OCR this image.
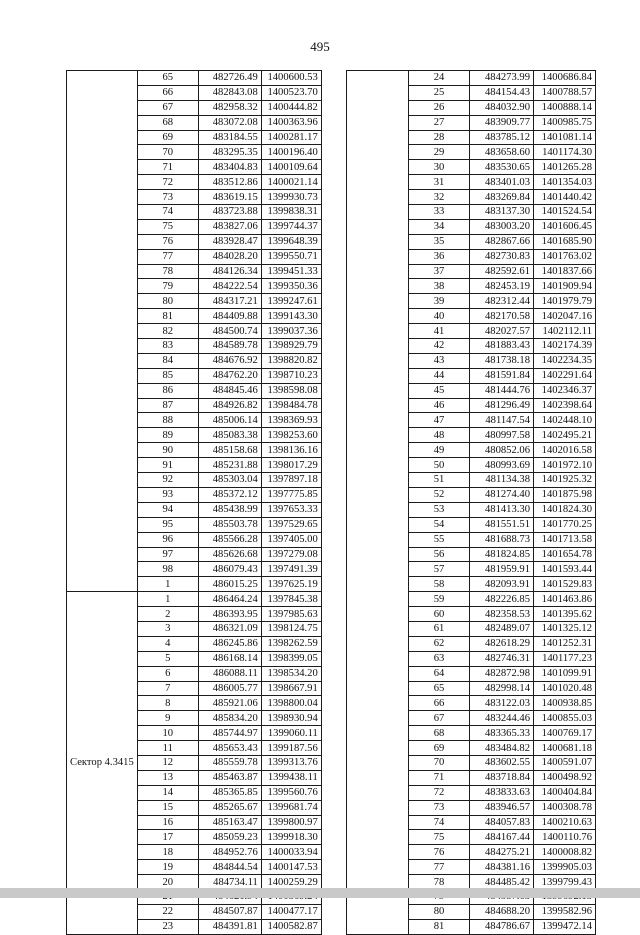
495
	65	482726.49	1400600.53
	66	482843.08	1400523.70
	67	482958.32	1400444.82
	68	483072.08	1400363.96
	69	483184.55	1400281.17
	70	483295.35	1400196.40
	71	483404.83	1400109.64
	72	483512.86	1400021.14
	73	483619.15	1399930.73
	74	483723.88	1399838.31
	75	483827.06	1399744.37
	76	483928.47	1399648.39
	77	484028.20	1399550.71
	78	484126.34	1399451.33
	79	484222.54	1399350.36
	80	484317.21	1399247.61
	81	484409.88	1399143.30
	82	484500.74	1399037.36
	83	484589.78	1398929.79
	84	484676.92	1398820.82
	85	484762.20	1398710.23
	86	484845.46	1398598.08
	87	484926.82	1398484.78
	88	485006.14	1398369.93
	89	485083.38	1398253.60
	90	485158.68	1398136.16
	91	485231.88	1398017.29
	92	485303.04	1397897.18
	93	485372.12	1397775.85
	94	485438.99	1397653.33
	95	485503.78	1397529.65
	96	485566.28	1397405.00
	97	485626.68	1397279.08
	98	486079.43	1397491.39
	1	486015.25	1397625.19
Сектор 4.3415	1	486464.24	1397845.38
	2	486393.95	1397985.63
	3	486321.09	1398124.75
	4	486245.86	1398262.59
	5	486168.14	1398399.05
	6	486088.11	1398534.20
	7	486005.77	1398667.91
	8	485921.06	1398800.04
	9	485834.20	1398930.94
	10	485744.97	1399060.11
	11	485653.43	1399187.56
	12	485559.78	1399313.76
	13	485463.87	1399438.11
	14	485365.85	1399560.76
	15	485265.67	1399681.74
	16	485163.47	1399800.97
	17	485059.23	1399918.30
	18	484952.76	1400033.94
	19	484844.54	1400147.53
	20	484734.11	1400259.29

	22	484507.87	1400477.17
	23	484391.81	1400582.87
	24	484273.99	1400686.84
	25	484154.43	1400788.57
	26	484032.90	1400888.14
	27	483909.77	1400985.75
	28	483785.12	1401081.14
	29	483658.60	1401174.30
	30	483530.65	1401265.28
	31	483401.03	1401354.03
	32	483269.84	1401440.42
	33	483137.30	1401524.54
	34	483003.20	1401606.45
	35	482867.66	1401685.90
	36	482730.83	1401763.02
	37	482592.61	1401837.66
	38	482453.19	1401909.94
	39	482312.44	1401979.79
	40	482170.58	1402047.16
	41	482027.57	1402112.11
	42	481883.43	1402174.39
	43	481738.18	1402234.35
	44	481591.84	1402291.64
	45	481444.76	1402346.37
	46	481296.49	1402398.64
	47	481147.54	1402448.10
	48	480997.58	1402495.21
	49	480852.06	1402016.58
	50	480993.69	1401972.10
	51	481134.38	1401925.32
	52	481274.40	1401875.98
	53	481413.30	1401824.30
	54	481551.51	1401770.25
	55	481688.73	1401713.58
	56	481824.85	1401654.78
	57	481959.91	1401593.44
	58	482093.91	1401529.83
	59	482226.85	1401463.86
	60	482358.53	1401395.62
	61	482489.07	1401325.12
	62	482618.29	1401252.31
	63	482746.31	1401177.23
	64	482872.98	1401099.91
	65	482998.14	1401020.48
	66	483122.03	1400938.85
	67	483244.46	1400855.03
	68	483365.33	1400769.17
	69	483484.82	1400681.18
	70	483602.55	1400591.07
	71	483718.84	1400498.92
	72	483833.63	1400404.84
	73	483946.57	1400308.78
	74	484057.83	1400210.63
	75	484167.44	1400110.76
	76	484275.21	1400008.82
	77	484381.16	1399905.03
	78	484485.42	1399799.43

	80	484688.20	1399582.96
	81	484786.67	1399472.14
